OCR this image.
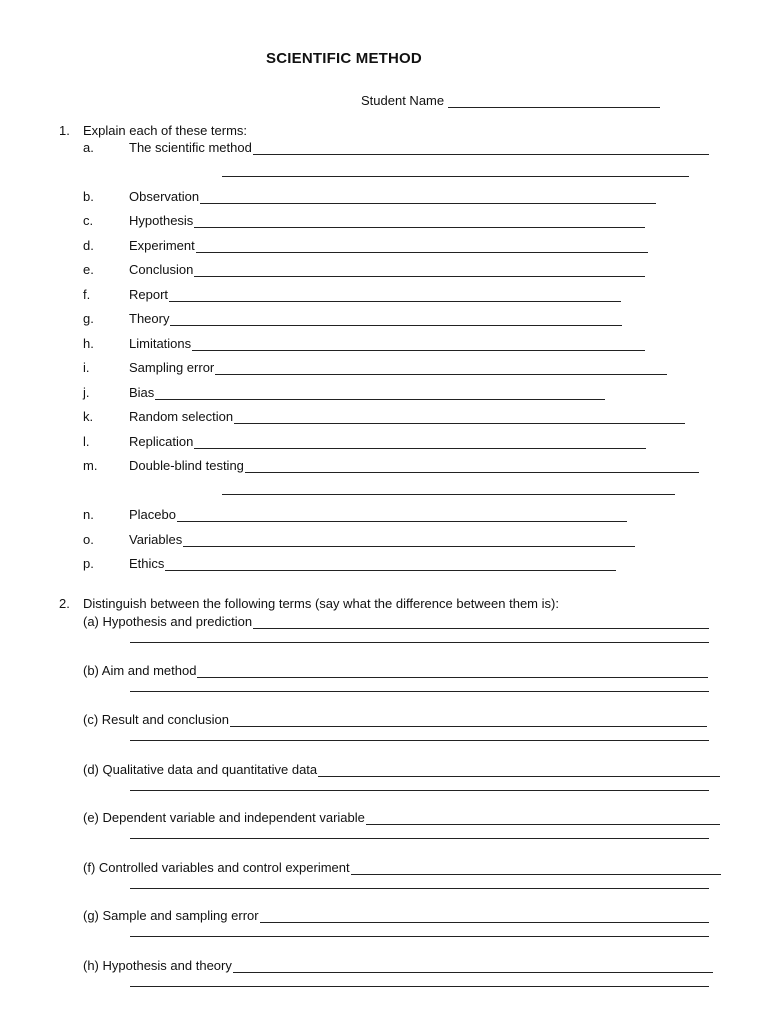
SCIENTIFIC METHOD
Student Name
1. Explain each of these terms:
a.	The scientific method
b.	Observation
c.	Hypothesis
d.	Experiment
e.	Conclusion
f.	Report
g.	Theory
h.	Limitations
i.	Sampling error
j.	Bias
k.	Random selection
l.	Replication
m.	Double-blind testing
n.	Placebo
o.	Variables
p.	Ethics
2. Distinguish between the following terms (say what the difference between them is):
(a) Hypothesis and prediction
(b) Aim and method
(c) Result and conclusion
(d) Qualitative data and quantitative data
(e) Dependent variable and independent variable
(f) Controlled variables and control experiment
(g) Sample and sampling error
(h) Hypothesis and theory
